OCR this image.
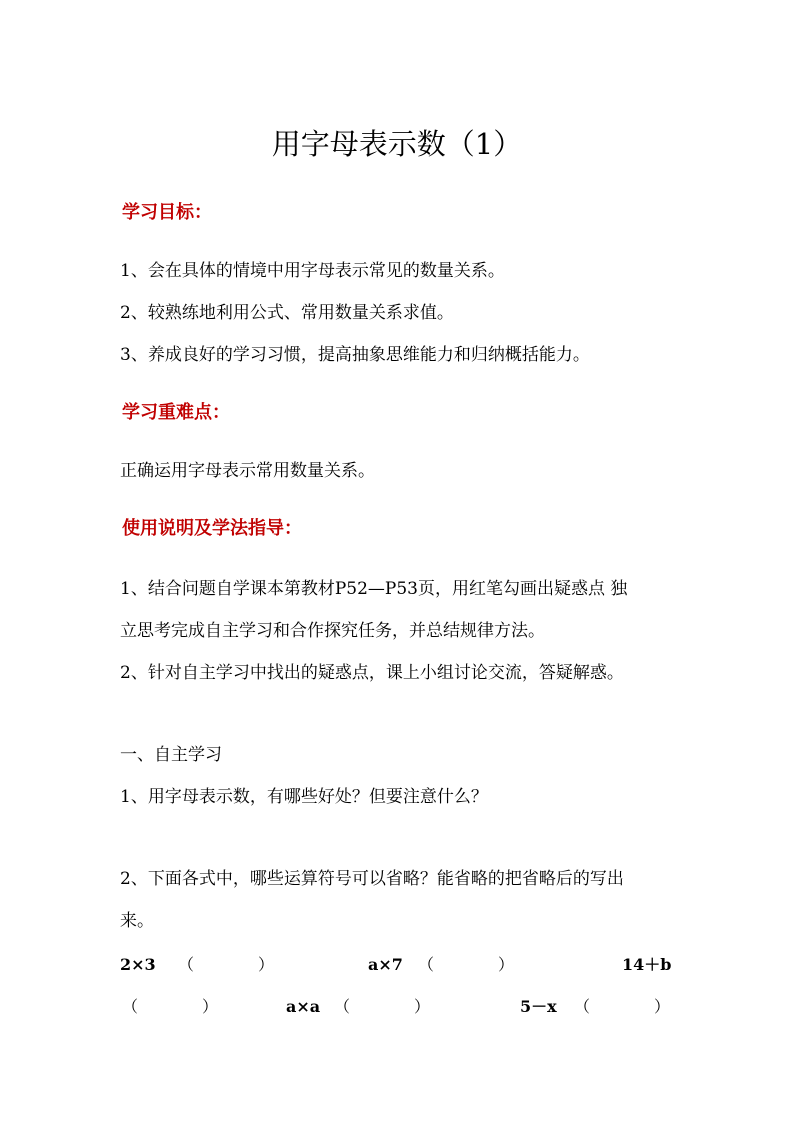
用字母表示数（1）
学习目标：
1、会在具体的情境中用字母表示常见的数量关系。
2、较熟练地利用公式、常用数量关系求值。
3、养成良好的学习习惯，提高抽象思维能力和归纳概括能力。
学习重难点：
正确运用字母表示常用数量关系。
使用说明及学法指导：
1、结合问题自学课本第教材P52—P53页，用红笔勾画出疑惑点 独
立思考完成自主学习和合作探究任务，并总结规律方法。
2、针对自主学习中找出的疑惑点，课上小组讨论交流，答疑解惑。
一、自主学习
1、用字母表示数，有哪些好处？但要注意什么？
2、下面各式中，哪些运算符号可以省略？能省略的把省略后的写出
来。
2×3 （　　　　）	a×7 （　　　　）	14＋b
（　　　　）	a×a （　　　　）	5－x （　　　　）
